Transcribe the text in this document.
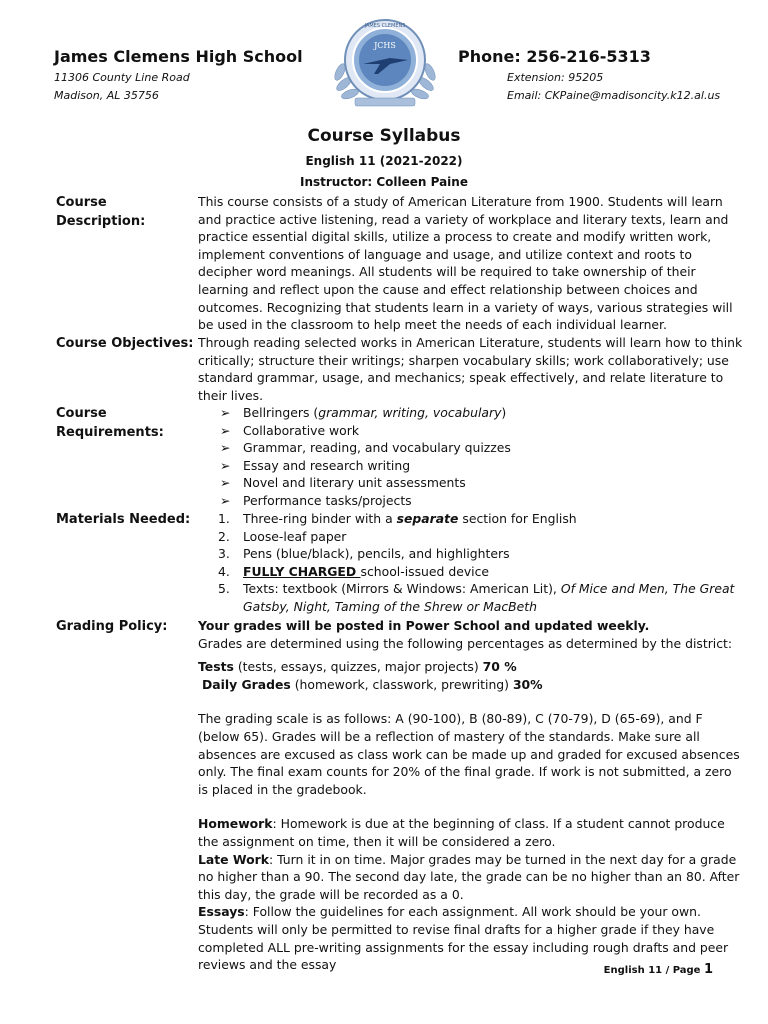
James Clemens High School
11306 County Line Road
Madison, AL 35756
JCHS
JAMES CLEMENS
Phone: 256-216-5313
Extension: 95205
Email: CKPaine@madisoncity.k12.al.us
Course Syllabus
English 11 (2021-2022)
Instructor: Colleen Paine
Course
Description:
This course consists of a study of American Literature from 1900. Students will learn and practice active listening, read a variety of workplace and literary texts, learn and practice essential digital skills, utilize a process to create and modify written work, implement conventions of language and usage, and utilize context and roots to decipher word meanings. All students will be required to take ownership of their learning and reflect upon the cause and effect relationship between choices and outcomes. Recognizing that students learn in a variety of ways, various strategies will be used in the classroom to help meet the needs of each individual learner.
Course Objectives: Through reading selected works in American Literature, students will learn how to think critically; structure their writings; sharpen vocabulary skills; work collaboratively; use standard grammar, usage, and mechanics; speak effectively, and relate literature to their lives.
Course
Requirements:
➢ Bellringers (grammar, writing, vocabulary)
➢ Collaborative work
➢ Grammar, reading, and vocabulary quizzes
➢ Essay and research writing
➢ Novel and literary unit assessments
➢ Performance tasks/projects
Materials Needed: 1. Three-ring binder with a separate section for English
2. Loose-leaf paper
3. Pens (blue/black), pencils, and highlighters
4. FULLY CHARGED school-issued device
5. Texts: textbook (Mirrors & Windows: American Lit), Of Mice and Men, The Great Gatsby, Night, Taming of the Shrew or MacBeth
Grading Policy: Your grades will be posted in Power School and updated weekly.

Grades are determined using the following percentages as determined by the district:

Tests (tests, essays, quizzes, major projects) 70 %

Daily Grades (homework, classwork, prewriting) 30%

The grading scale is as follows: A (90-100), B (80-89), C (70-79), D (65-69), and F (below 65). Grades will be a reflection of mastery of the standards. Make sure all absences are excused as class work can be made up and graded for excused absences only. The final exam counts for 20% of the final grade. If work is not submitted, a zero is placed in the gradebook.

Homework: Homework is due at the beginning of class. If a student cannot produce the assignment on time, then it will be considered a zero.

Late Work: Turn it in on time. Major grades may be turned in the next day for a grade no higher than a 90. The second day late, the grade can be no higher than an 80. After this day, the grade will be recorded as a 0.

Essays: Follow the guidelines for each assignment. All work should be your own. Students will only be permitted to revise final drafts for a higher grade if they have completed ALL pre-writing assignments for the essay including rough drafts and peer reviews and the essay	English 11 / Page 1
